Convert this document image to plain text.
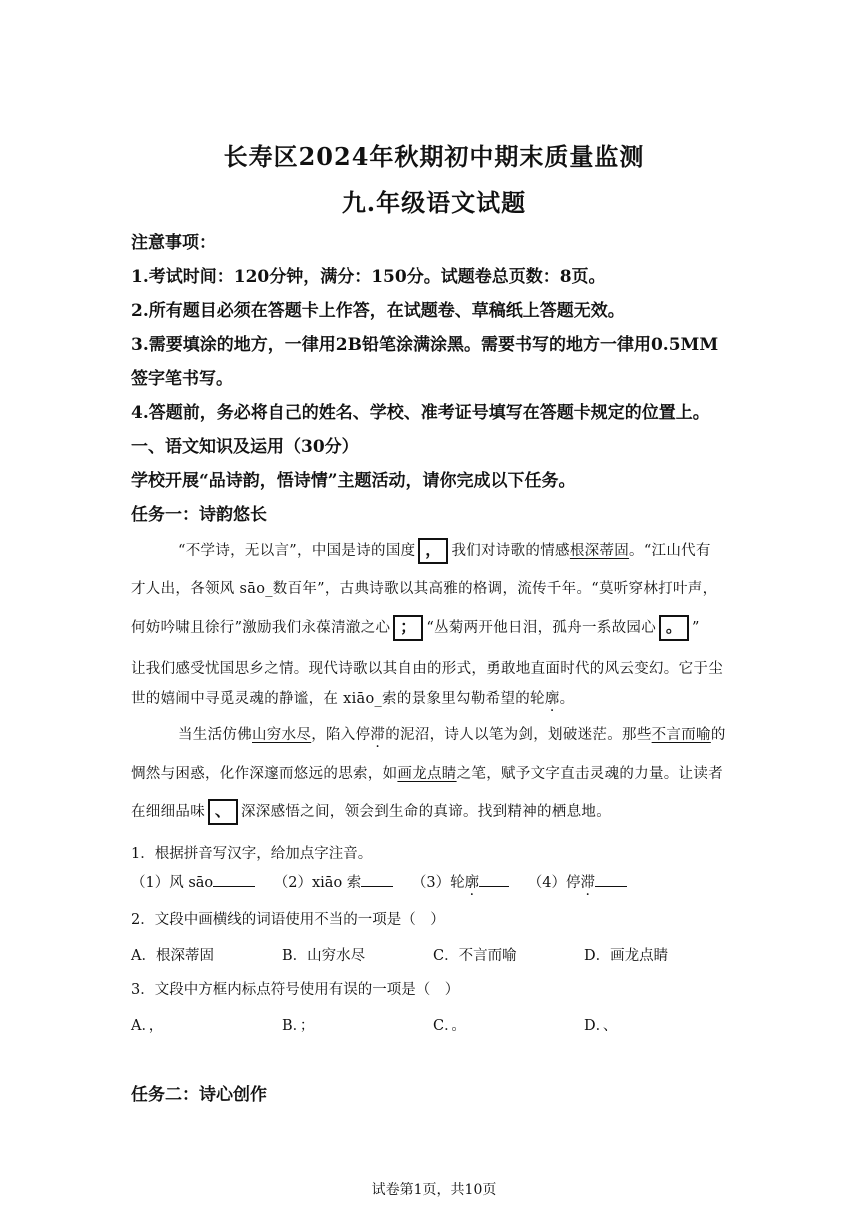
长寿区2024年秋期初中期末质量监测
九.年级语文试题
注意事项：
1.考试时间：120分钟，满分：150分。试题卷总页数：8页。
2.所有题目必须在答题卡上作答，在试题卷、草稿纸上答题无效。
3.需要填涂的地方，一律用2B铅笔涂满涂黑。需要书写的地方一律用0.5MM
签字笔书写。
4.答题前，务必将自己的姓名、学校、准考证号填写在答题卡规定的位置上。
一、语文知识及运用（30分）
学校开展“品诗韵，悟诗情”主题活动，请你完成以下任务。
任务一：诗韵悠长
“不学诗，无以言”，中国是诗的国度 ， 我们对诗歌的情感根深蒂固。“江山代有
才人出，各领风 sāo_数百年”，古典诗歌以其高雅的格调，流传千年。“莫听穿林打叶声，
何妨吟啸且徐行”激励我们永葆清澈之心 ； “丛菊两开他日泪，孤舟一系故园心 。 ”
让我们感受忧国思乡之情。现代诗歌以其自由的形式，勇敢地直面时代的风云变幻。它于尘
世的嬉闹中寻觅灵魂的静谧，在 xiāo_索的景象里勾勒希望的轮廓。
当生活仿佛山穷水尽，陷入停滞的泥沼，诗人以笔为剑，划破迷茫。那些不言而喻的
惆然与困惑，化作深邃而悠远的思索，如画龙点睛之笔，赋予文字直击灵魂的力量。让读者
在细细品味 、 深深感悟之间，领会到生命的真谛。找到精神的栖息地。
1．根据拼音写汉字，给加点字注音。
（1）风 sāo	（2）xiāo 索	（3）轮廓	（4）停滞
2．文段中画横线的词语使用不当的一项是（　）
A．根深蒂固	B．山穷水尽	C．不言而喻	D．画龙点睛
3．文段中方框内标点符号使用有误的一项是（　）
A．，	B．；	C．。	D．、
任务二：诗心创作
试卷第1页，共10页
